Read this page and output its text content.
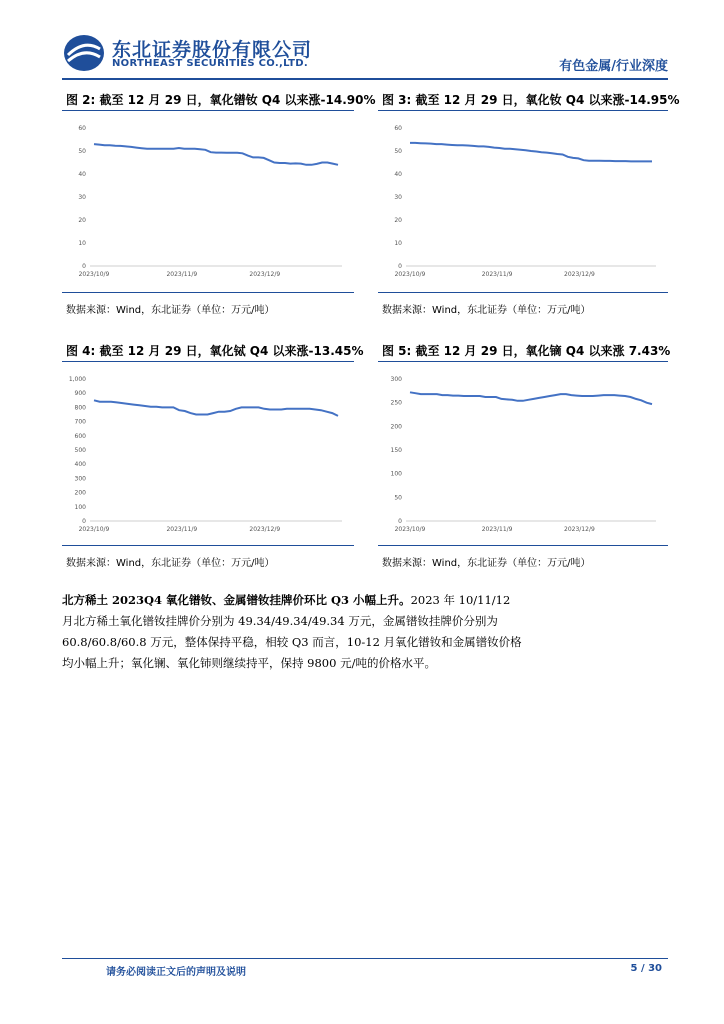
东北证券股份有限公司
NORTHEAST SECURITIES CO.,LTD.	有色金属/行业深度
图 2: 截至 12 月 29 日，氧化镨钕 Q4 以来涨-14.90%
0
10
20
30
40
50
60
2023/10/9	2023/11/9	2023/12/9
数据来源：Wind，东北证券（单位：万元/吨）
图 3: 截至 12 月 29 日，氧化钕 Q4 以来涨-14.95%
0
10
20
30
40
50
60
2023/10/9	2023/11/9	2023/12/9
数据来源：Wind，东北证券（单位：万元/吨）
图 4: 截至 12 月 29 日，氧化铽 Q4 以来涨-13.45%
0
100
200
300
400
500
600
700
800
900
1,000
2023/10/9	2023/11/9	2023/12/9
数据来源：Wind，东北证券（单位：万元/吨）
图 5: 截至 12 月 29 日，氧化镝 Q4 以来涨 7.43%
0
50
100
150
200
250
300
2023/10/9	2023/11/9	2023/12/9
数据来源：Wind，东北证券（单位：万元/吨）
北方稀土 2023Q4 氧化镨钕、金属镨钕挂牌价环比 Q3 小幅上升。2023 年 10/11/12 月北方稀土氧化镨钕挂牌价分别为 49.34/49.34/49.34 万元，金属镨钕挂牌价分别为 60.8/60.8/60.8 万元，整体保持平稳，相较 Q3 而言，10-12 月氧化镨钕和金属镨钕价格均小幅上升；氧化镧、氧化铈则继续持平，保持 9800 元/吨的价格水平。
请务必阅读正文后的声明及说明	5 / 30
